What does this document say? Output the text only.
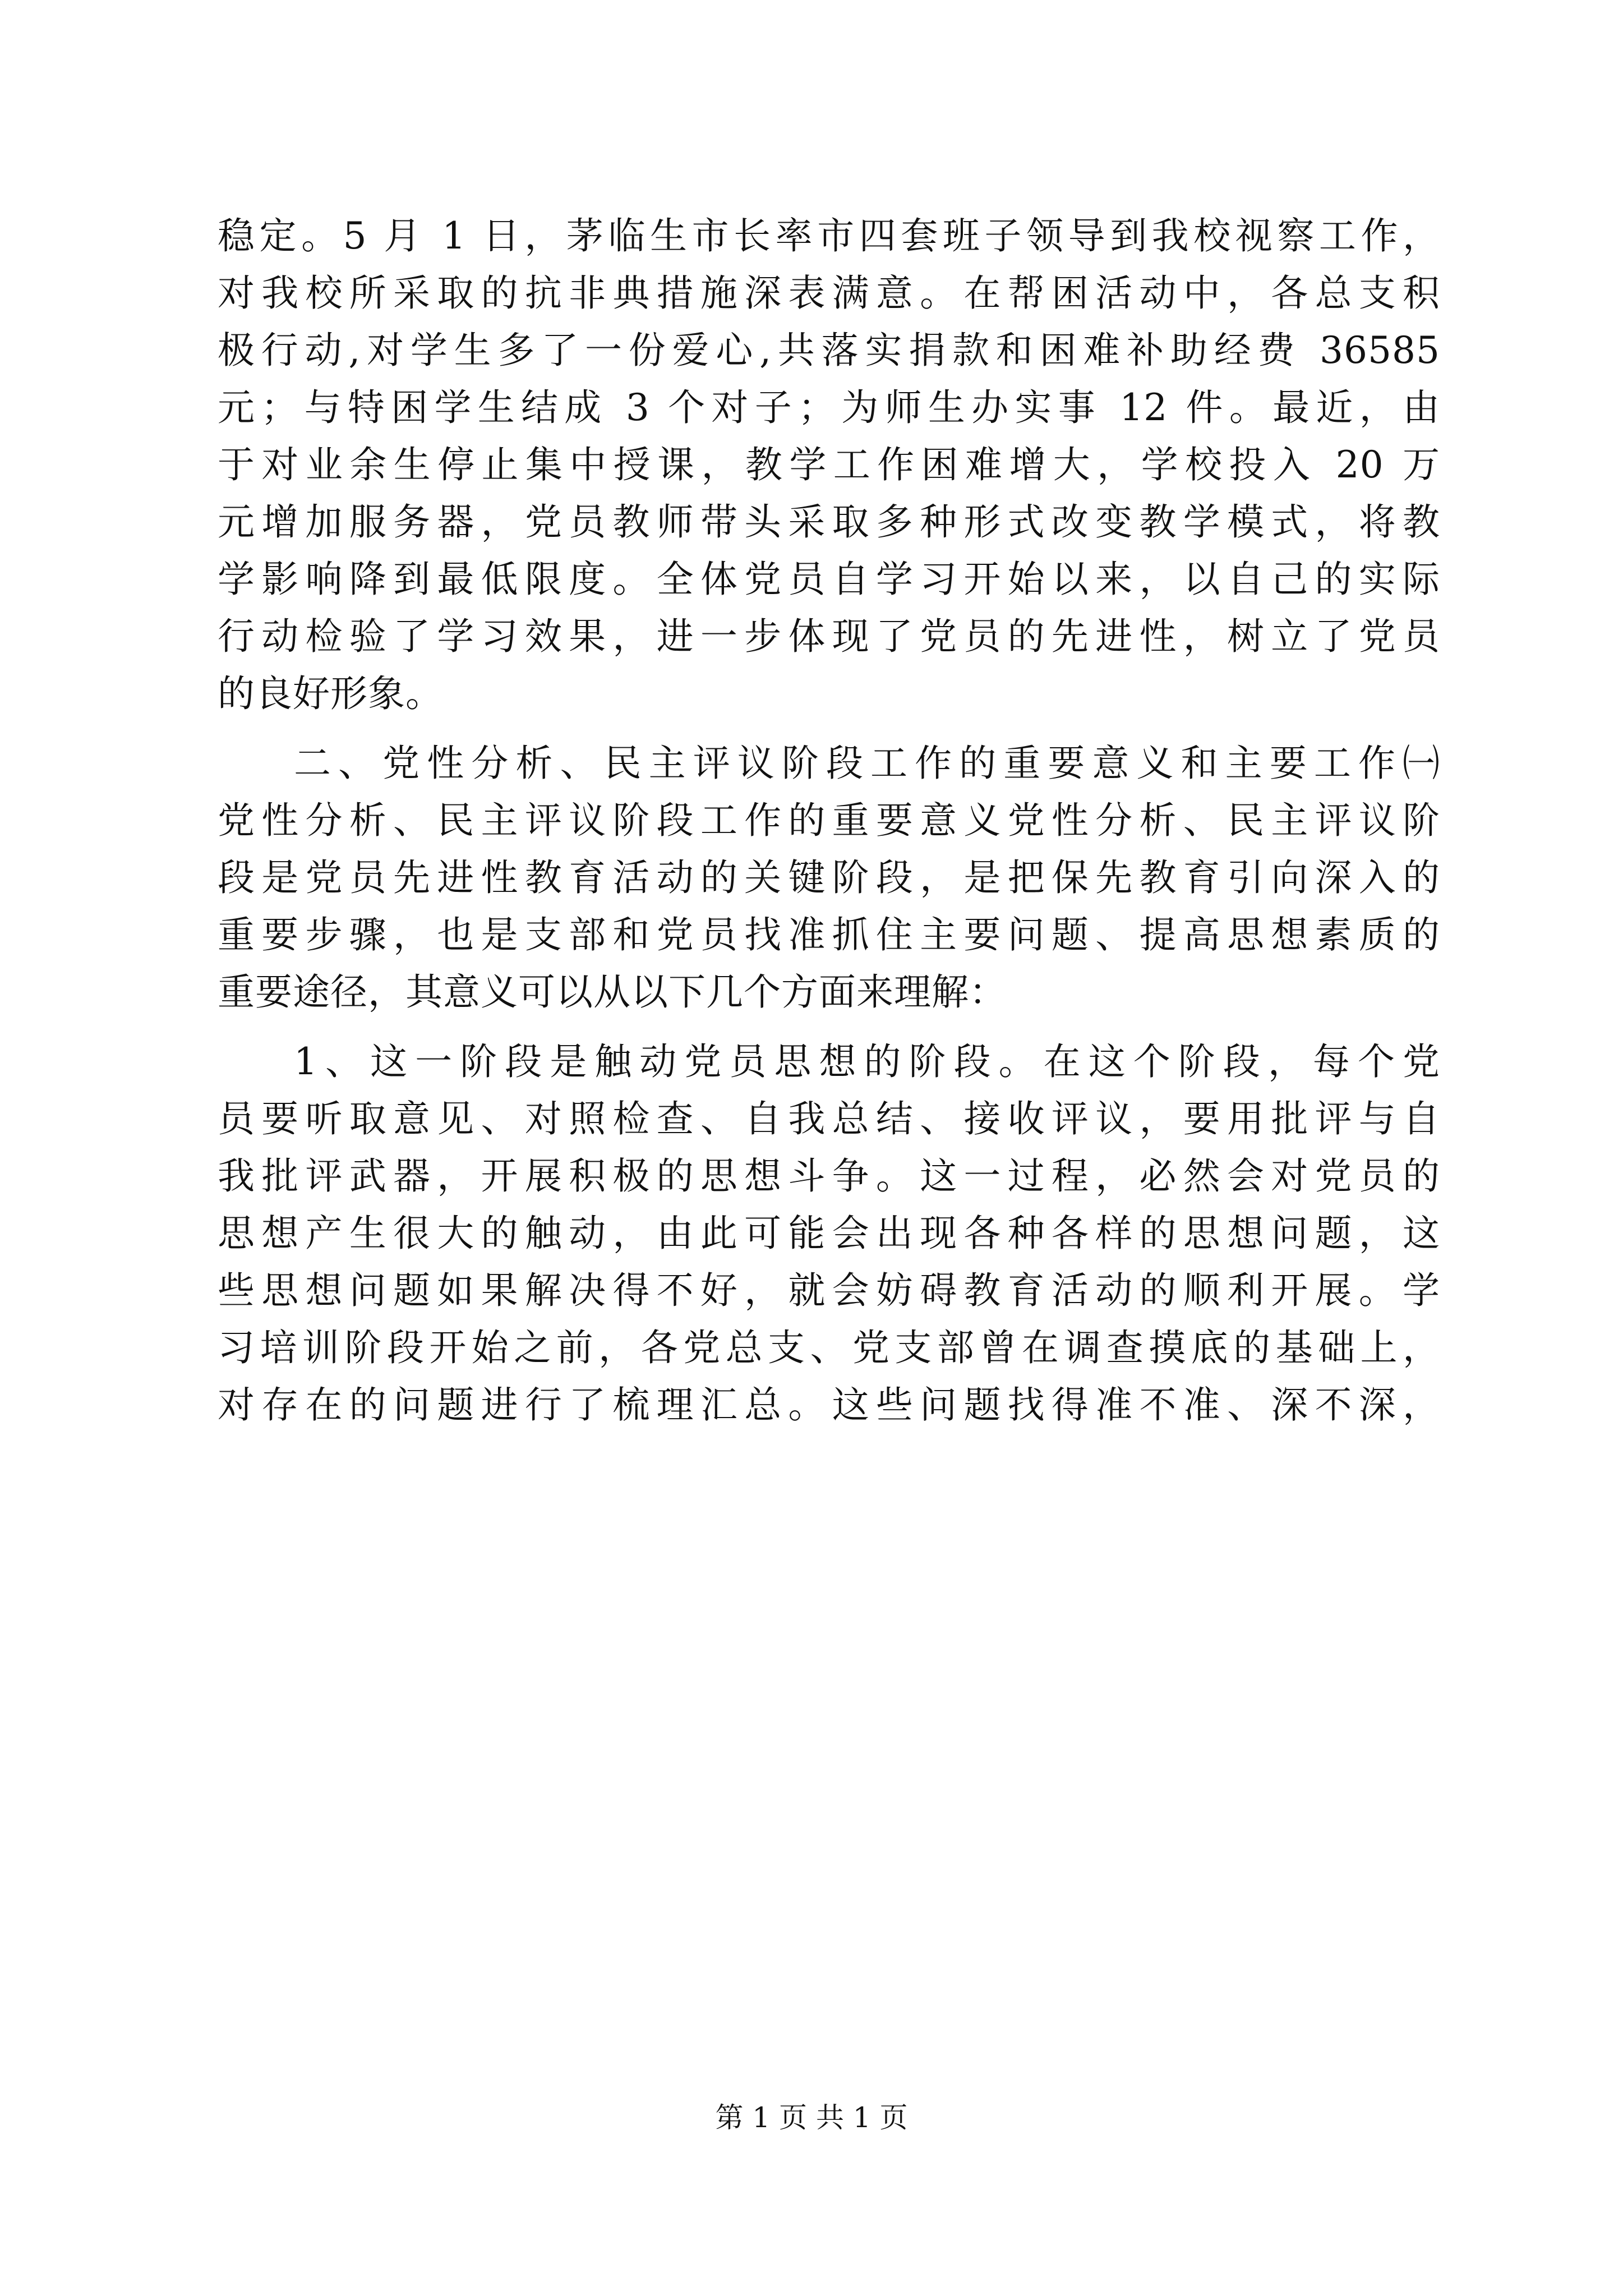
稳定。5 月 1 日，茅临生市长率市四套班子领导到我校视察工作，
对我校所采取的抗非典措施深表满意。在帮困活动中，各总支积
极行动,对学生多了一份爱心,共落实捐款和困难补助经费 36585
元；与特困学生结成 3 个对子；为师生办实事 12 件。最近，由
于对业余生停止集中授课，教学工作困难增大，学校投入 20 万
元增加服务器，党员教师带头采取多种形式改变教学模式，将教
学影响降到最低限度。全体党员自学习开始以来，以自己的实际
行动检验了学习效果，进一步体现了党员的先进性，树立了党员
的良好形象。
二、党性分析、民主评议阶段工作的重要意义和主要工作㈠
党性分析、民主评议阶段工作的重要意义党性分析、民主评议阶
段是党员先进性教育活动的关键阶段，是把保先教育引向深入的
重要步骤，也是支部和党员找准抓住主要问题、提高思想素质的
重要途径，其意义可以从以下几个方面来理解：
1、这一阶段是触动党员思想的阶段。在这个阶段，每个党
员要听取意见、对照检查、自我总结、接收评议，要用批评与自
我批评武器，开展积极的思想斗争。这一过程，必然会对党员的
思想产生很大的触动，由此可能会出现各种各样的思想问题，这
些思想问题如果解决得不好，就会妨碍教育活动的顺利开展。学
习培训阶段开始之前，各党总支、党支部曾在调查摸底的基础上，
对存在的问题进行了梳理汇总。这些问题找得准不准、深不深，
第 1 页 共 1 页
